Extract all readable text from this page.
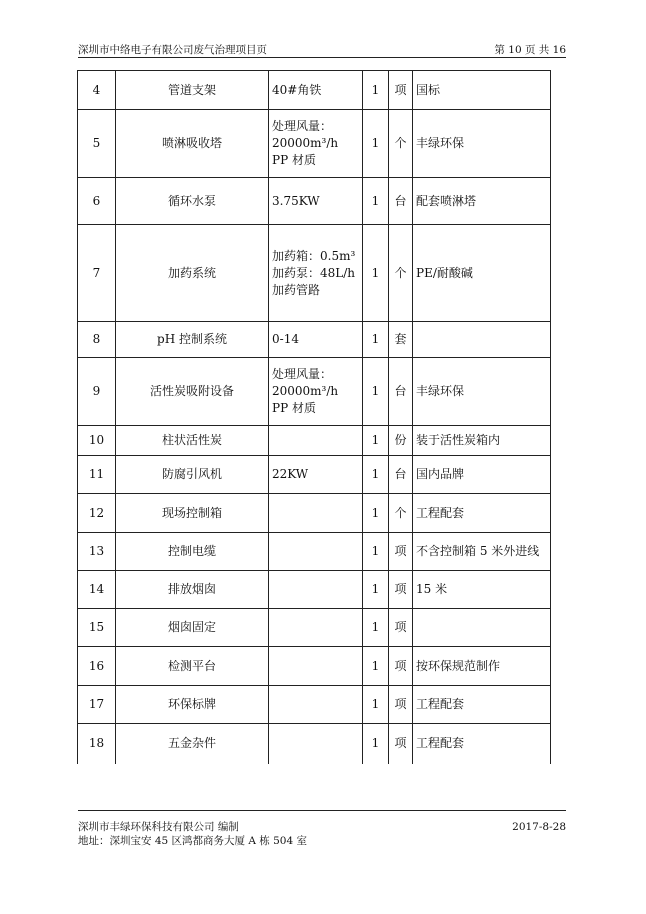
深圳市中络电子有限公司废气治理项目页	第 10 页 共 16
4	管道支架	40#角铁	1	项	国标
5	喷淋吸收塔	处理风量：
20000m³/h
PP 材质	1	个	丰绿环保
6	循环水泵	3.75KW	1	台	配套喷淋塔
7	加药系统	加药箱：0.5m³
加药泵：48L/h
加药管路	1	个	PE/耐酸碱
8	pH 控制系统	0-14	1	套	
9	活性炭吸附设备	处理风量：
20000m³/h
PP 材质	1	台	丰绿环保
10	柱状活性炭		1	份	装于活性炭箱内
11	防腐引风机	22KW	1	台	国内品牌
12	现场控制箱		1	个	工程配套
13	控制电缆		1	项	不含控制箱 5 米外进线
14	排放烟囱		1	项	15 米
15	烟囱固定		1	项	
16	检测平台		1	项	按环保规范制作
17	环保标牌		1	项	工程配套
18	五金杂件		1	项	工程配套
深圳市丰绿环保科技有限公司 编制	2017-8-28
地址：深圳宝安 45 区鸿都商务大厦 A 栋 504 室
